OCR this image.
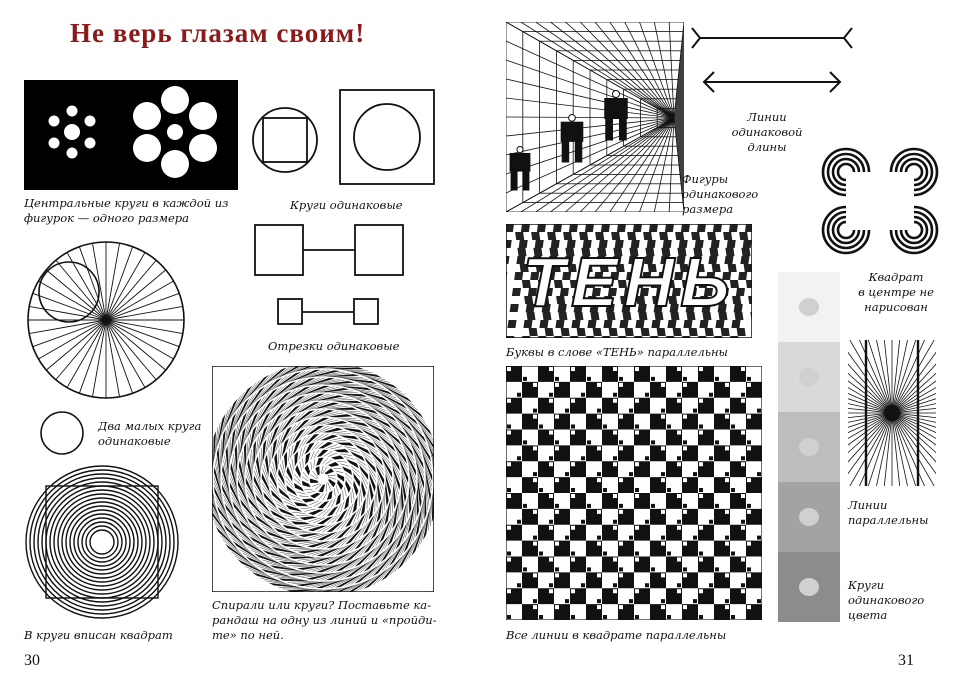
Не верь глазам своим!
Центральные круги в каждой из
фигурок — одного размера
Круги одинаковые
Отрезки одинаковые
Два малых круга
одинаковые
В круги вписан квадрат
Спирали или круги? Поставьте ка-
рандаш на одну из линий и «пройди-
те» по ней.
30
Фигуры
одинакового
размера
Линии
одинаковой
длины
Квадрат
в центре не
нарисован
ТЕНЬ
Буквы в слове «ТЕНЬ» параллельны
Все линии в квадрате параллельны
Линии
параллельны
Круги
одинакового
цвета
31
